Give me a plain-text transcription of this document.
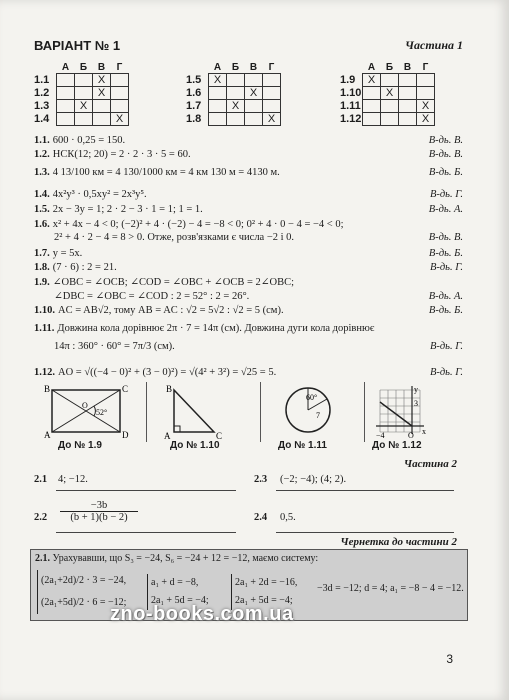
ВАРІАНТ № 1	Частина 1
	А	Б	В	Г
1.1			X	
1.2			X	
1.3		X		
1.4				X
	А	Б	В	Г
1.5	X			
1.6			X	
1.7		X		
1.8				X
	А	Б	В	Г
1.9	X			
1.10		X		
1.11				X
1.12				X
1.1. 600 · 0,25 = 150.	В-дь. В.
1.2. НСК(12; 20) = 2 · 2 · 3 · 5 = 60.	В-дь. В.
1.3. 4 13/100 км = 4 130/1000 км = 4 км 130 м = 4130 м.	В-дь. Б.
1.4. 4x²y³ · 0,5xy² = 2x³y⁵.	В-дь. Г.
1.5. 2x − 3y = 1; 2 · 2 − 3 · 1 = 1; 1 = 1.	В-дь. А.
1.6. x² + 4x − 4 < 0; (−2)² + 4 · (−2) − 4 = −8 < 0; 0² + 4 · 0 − 4 = −4 < 0;
2² + 4 · 2 − 4 = 8 > 0. Отже, розв'язками є числа −2 і 0.	В-дь. В.
1.7. y = 5x.	В-дь. Б.
1.8. (7 · 6) : 2 = 21.	В-дь. Г.
1.9. ∠OBC = ∠OCB; ∠COD = ∠OBC + ∠OCB = 2∠OBC;
∠DBC = ∠OBC = ∠COD : 2 = 52° : 2 = 26°.	В-дь. А.
1.10. AC = AB√2, тому AB = AC : √2 = 5√2 : √2 = 5 (см).	В-дь. Б.
1.11. Довжина кола дорівнює 2π · 7 = 14π (см). Довжина дуги кола дорівнює
14π : 360° · 60° = 7π/3 (см).	В-дь. Г.
1.12. AO = √((−4 − 0)² + (3 − 0)²) = √(4² + 3²) = √25 = 5.	В-дь. Г.
B	C
A	D
O
52°
До № 1.9
B
A	C
До № 1.10
60°
7
До № 1.11
y
x
3
−4	O
До № 1.12
Частина 2
2.1 4; −12.	2.3 (−2; −4); (4; 2).
$2.2 \frac{-3b}{(b + 1)(b - 2)}$	2.4 0,5.
Чернетка до частини 2
2.1. Урахувавши, що S₃ = −24, S₆ = −24 + 12 = −12, маємо систему:
(2a₁+2d)/2 · 3 = −24,
(2a₁+5d)/2 · 6 = −12;
a₁ + d = −8,
2a₁ + 5d = −4;
2a₁ + 2d = −16,
2a₁ + 5d = −4;
−3d = −12; d = 4; a₁ = −8 − 4 = −12.
zno-books.com.ua
3
